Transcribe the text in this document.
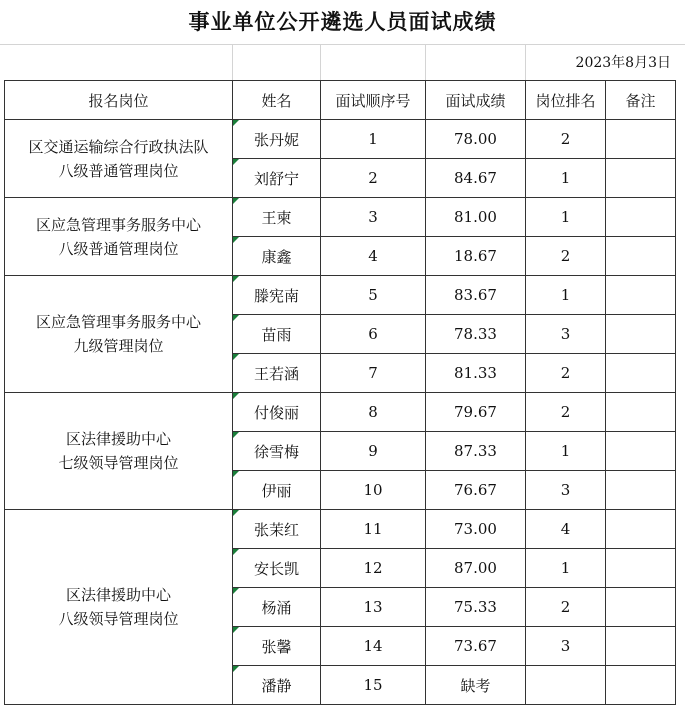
事业单位公开遴选人员面试成绩
2023年8月3日
报名岗位	姓名	面试顺序号	面试成绩	岗位排名	备注

区交通运输综合行政执法队
八级普通管理岗位	张丹妮	1	78.00	2	

刘舒宁	2	84.67	1	

区应急管理事务服务中心
八级普通管理岗位	王柬	3	81.00	1	

康鑫	4	18.67	2	

区应急管理事务服务中心
九级管理岗位	滕宪南	5	83.67	1	

苗雨	6	78.33	3	

王若涵	7	81.33	2	

区法律援助中心
七级领导管理岗位	付俊丽	8	79.67	2	

徐雪梅	9	87.33	1	

伊丽	10	76.67	3	

区法律援助中心
八级领导管理岗位	张茉红	11	73.00	4	

安长凯	12	87.00	1	

杨涌	13	75.33	2	

张馨	14	73.67	3	

潘静	15	缺考		
